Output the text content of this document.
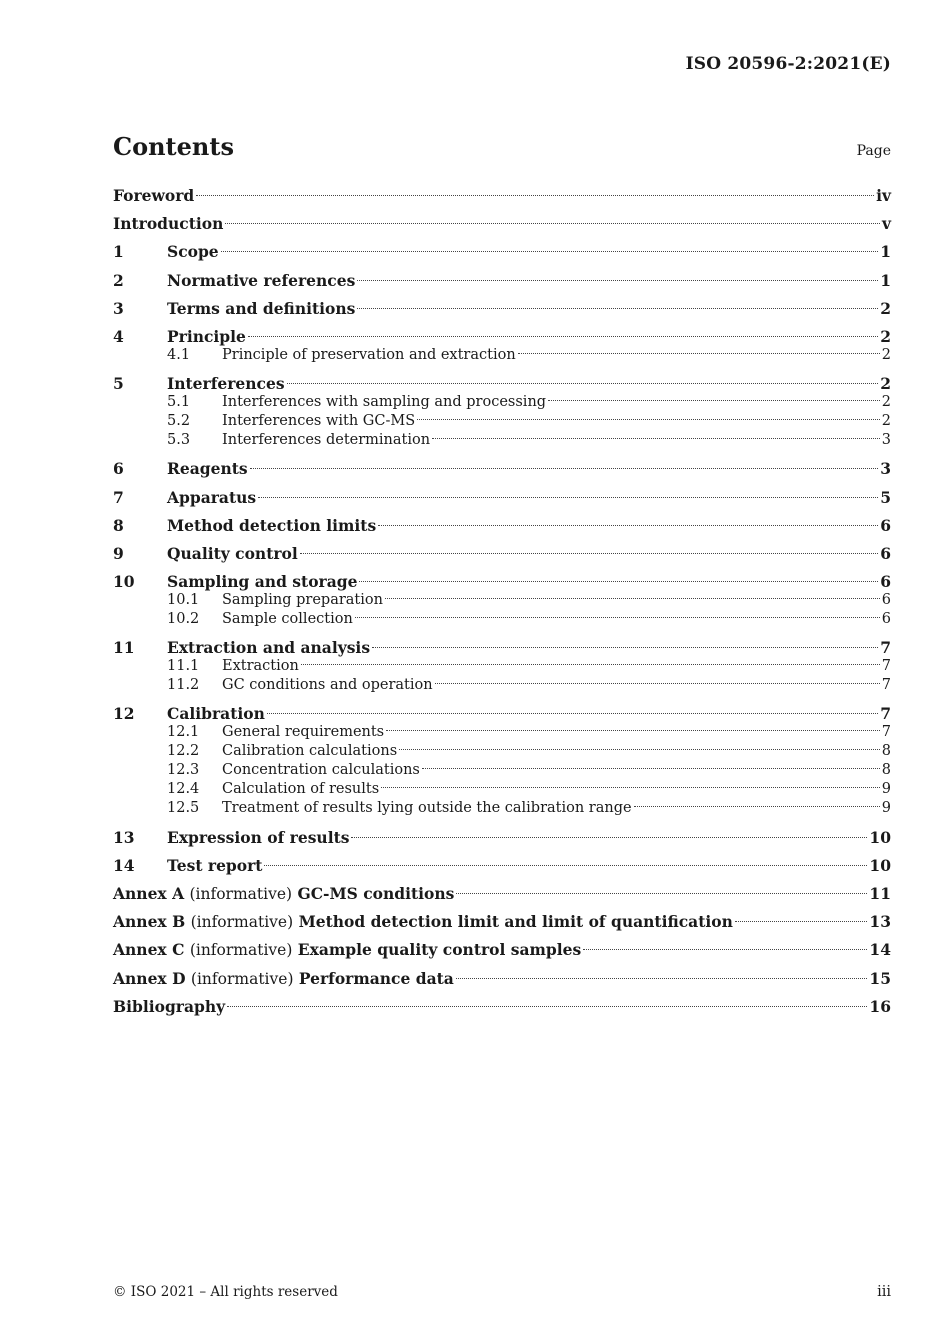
ISO 20596-2:2021(E)
Contents	Page
Foreword	iv
Introduction	v
1	Scope	1
2	Normative references	1
3	Terms and definitions	2
4	Principle	2
4.1	Principle of preservation and extraction	2
5	Interferences	2
5.1	Interferences with sampling and processing	2
5.2	Interferences with GC-MS	2
5.3	Interferences determination	3
6	Reagents	3
7	Apparatus	5
8	Method detection limits	6
9	Quality control	6
10	Sampling and storage	6
10.1	Sampling preparation	6
10.2	Sample collection	6
11	Extraction and analysis	7
11.1	Extraction	7
11.2	GC conditions and operation	7
12	Calibration	7
12.1	General requirements	7
12.2	Calibration calculations	8
12.3	Concentration calculations	8
12.4	Calculation of results	9
12.5	Treatment of results lying outside the calibration range	9
13	Expression of results	10
14	Test report	10
Annex A (informative) GC-MS conditions	11
Annex B (informative) Method detection limit and limit of quantification	13
Annex C (informative) Example quality control samples	14
Annex D (informative) Performance data	15
Bibliography	16
© ISO 2021 – All rights reserved	iii
